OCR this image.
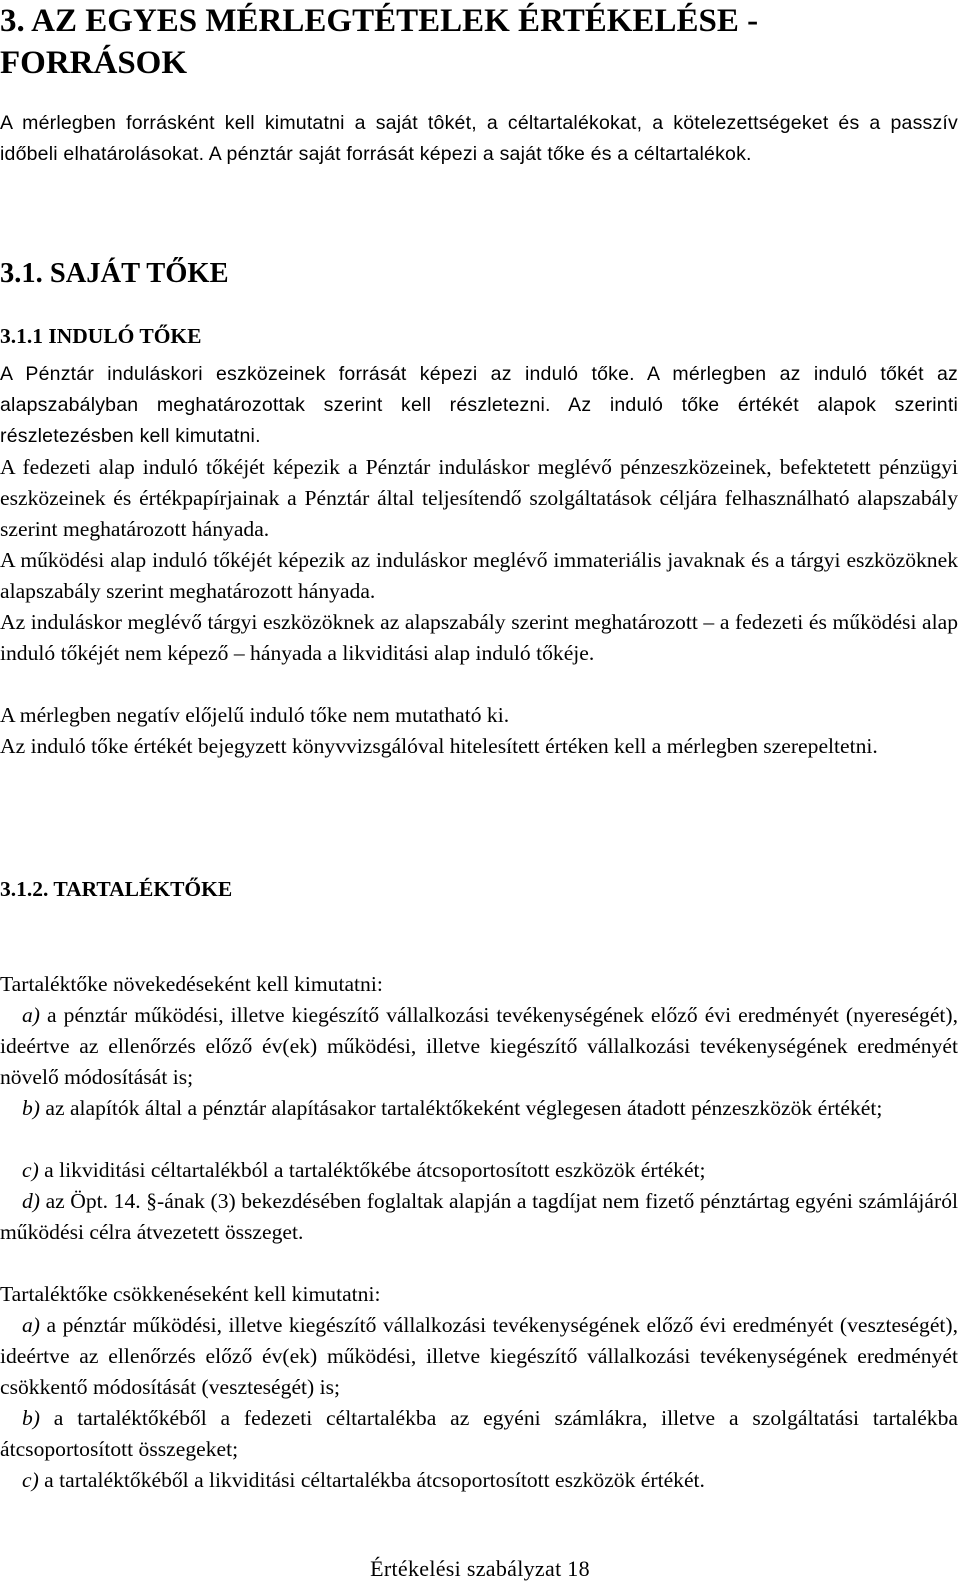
3. AZ EGYES MÉRLEGTÉTELEK ÉRTÉKELÉSE -
FORRÁSOK

A mérlegben forrásként kell kimutatni a saját tôkét, a céltartalékokat, a kötelezettségeket és a passzív időbeli elhatárolásokat. A pénztár saját forrását képezi a saját tőke és a céltartalékok.

3.1. SAJÁT TŐKE
3.1.1 INDULÓ TŐKE

A Pénztár induláskori eszközeinek forrását képezi az induló tőke. A mérlegben az induló tőkét az alapszabályban meghatározottak szerint kell részletezni. Az induló tőke értékét alapok szerinti részletezésben kell kimutatni.

A fedezeti alap induló tőkéjét képezik a Pénztár induláskor meglévő pénzeszközeinek, befektetett pénzügyi eszközeinek és értékpapírjainak a Pénztár által teljesítendő szolgáltatások céljára felhasználható alapszabály szerint meghatározott hányada.

A működési alap induló tőkéjét képezik az induláskor meglévő immateriális javaknak és a tárgyi eszközöknek alapszabály szerint meghatározott hányada.

Az induláskor meglévő tárgyi eszközöknek az alapszabály szerint meghatározott – a fedezeti és működési alap induló tőkéjét nem képező – hányada a likviditási alap induló tőkéje.

A mérlegben negatív előjelű induló tőke nem mutatható ki.

Az induló tőke értékét bejegyzett könyvvizsgálóval hitelesített értéken kell a mérlegben szerepeltetni.

3.1.2. TARTALÉKTŐKE

Tartaléktőke növekedéseként kell kimutatni:

a) a pénztár működési, illetve kiegészítő vállalkozási tevékenységének előző évi eredményét (nyereségét), ideértve az ellenőrzés előző év(ek) működési, illetve kiegészítő vállalkozási tevékenységének eredményét növelő módosítását is;

b) az alapítók által a pénztár alapításakor tartaléktőkeként véglegesen átadott pénzeszközök értékét;

c) a likviditási céltartalékból a tartaléktőkébe átcsoportosított eszközök értékét;

d) az Öpt. 14. §-ának (3) bekezdésében foglaltak alapján a tagdíjat nem fizető pénztártag egyéni számlájáról működési célra átvezetett összeget.

Tartaléktőke csökkenéseként kell kimutatni:

a) a pénztár működési, illetve kiegészítő vállalkozási tevékenységének előző évi eredményét (veszteségét), ideértve az ellenőrzés előző év(ek) működési, illetve kiegészítő vállalkozási tevékenységének eredményét csökkentő módosítását (veszteségét) is;

b) a tartaléktőkéből a fedezeti céltartalékba az egyéni számlákra, illetve a szolgáltatási tartalékba átcsoportosított összegeket;

c) a tartaléktőkéből a likviditási céltartalékba átcsoportosított eszközök értékét.

Értékelési szabályzat 18
